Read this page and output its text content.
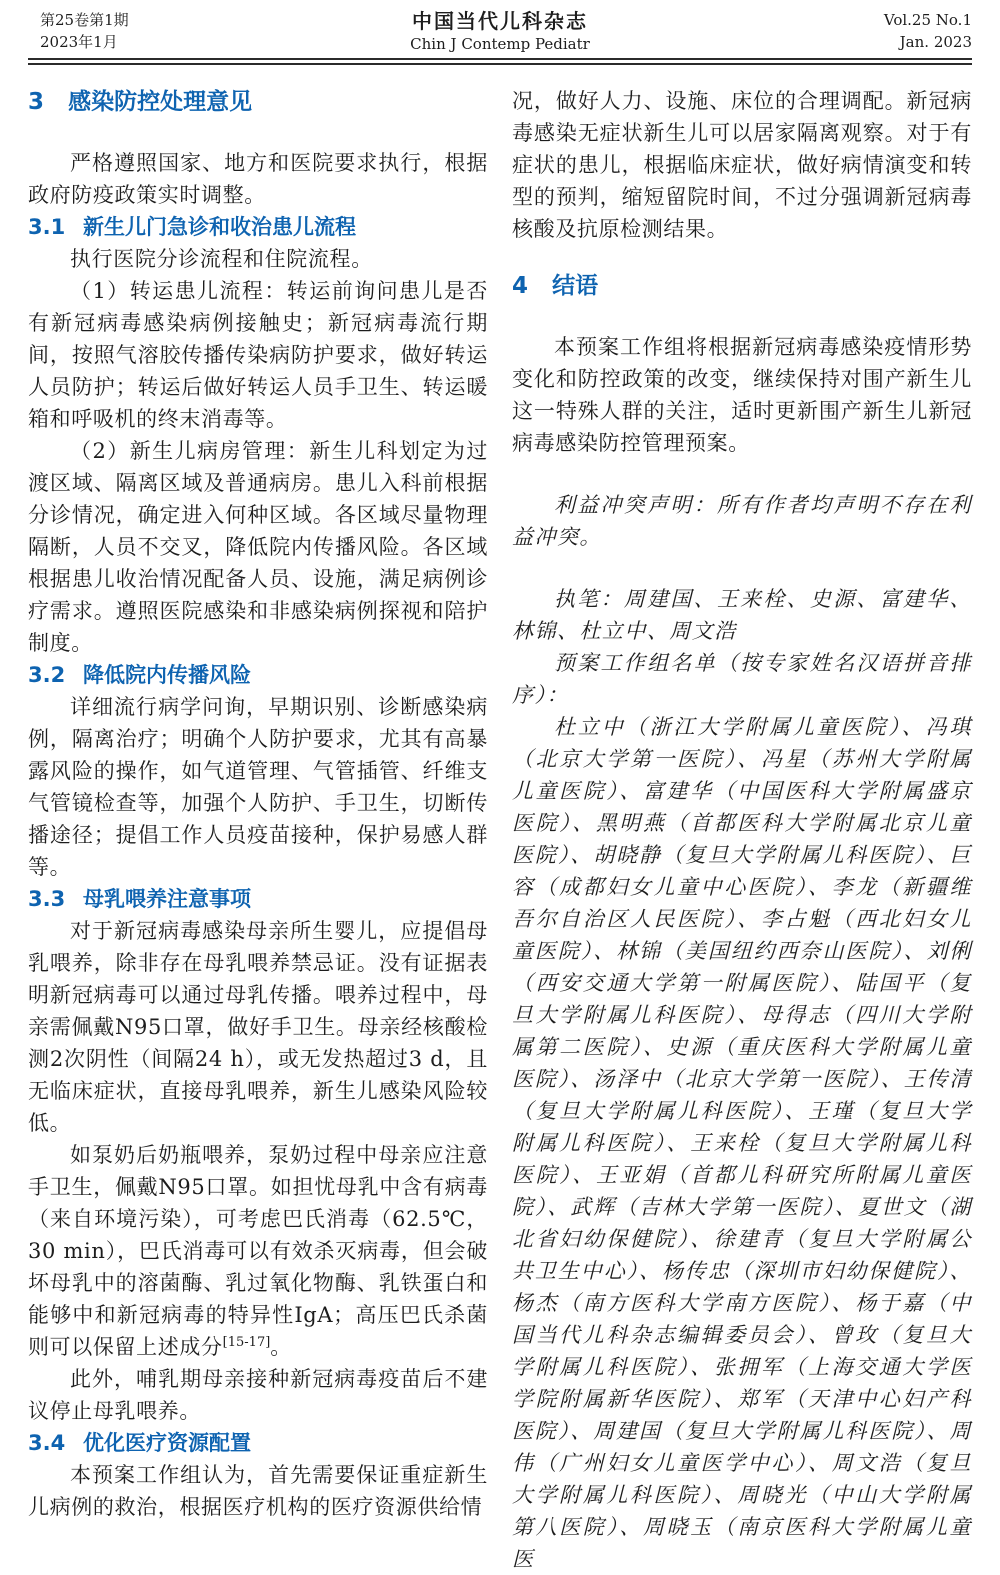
第25卷第1期
2023年1月
中国当代儿科杂志
Chin J Contemp Pediatr
Vol.25 No.1
Jan. 2023
3 感染防控处理意见

严格遵照国家、地方和医院要求执行，根据政府防疫政策实时调整。

3.1 新生儿门急诊和收治患儿流程

执行医院分诊流程和住院流程。

（1）转运患儿流程：转运前询问患儿是否有新冠病毒感染病例接触史；新冠病毒流行期间，按照气溶胶传播传染病防护要求，做好转运人员防护；转运后做好转运人员手卫生、转运暖箱和呼吸机的终末消毒等。

（2）新生儿病房管理：新生儿科划定为过渡区域、隔离区域及普通病房。患儿入科前根据分诊情况，确定进入何种区域。各区域尽量物理隔断，人员不交叉，降低院内传播风险。各区域根据患儿收治情况配备人员、设施，满足病例诊疗需求。遵照医院感染和非感染病例探视和陪护制度。

3.2 降低院内传播风险

详细流行病学问询，早期识别、诊断感染病例，隔离治疗；明确个人防护要求，尤其有高暴露风险的操作，如气道管理、气管插管、纤维支气管镜检查等，加强个人防护、手卫生，切断传播途径；提倡工作人员疫苗接种，保护易感人群等。

3.3 母乳喂养注意事项

对于新冠病毒感染母亲所生婴儿，应提倡母乳喂养，除非存在母乳喂养禁忌证。没有证据表明新冠病毒可以通过母乳传播。喂养过程中，母亲需佩戴N95口罩，做好手卫生。母亲经核酸检测2次阴性（间隔24 h），或无发热超过3 d，且无临床症状，直接母乳喂养，新生儿感染风险较低。

如泵奶后奶瓶喂养，泵奶过程中母亲应注意手卫生，佩戴N95口罩。如担忧母乳中含有病毒（来自环境污染），可考虑巴氏消毒（62.5℃，30 min），巴氏消毒可以有效杀灭病毒，但会破坏母乳中的溶菌酶、乳过氧化物酶、乳铁蛋白和能够中和新冠病毒的特异性IgA；高压巴氏杀菌则可以保留上述成分[15-17]。

此外，哺乳期母亲接种新冠病毒疫苗后不建议停止母乳喂养。

3.4 优化医疗资源配置

本预案工作组认为，首先需要保证重症新生儿病例的救治，根据医疗机构的医疗资源供给情

况，做好人力、设施、床位的合理调配。新冠病毒感染无症状新生儿可以居家隔离观察。对于有症状的患儿，根据临床症状，做好病情演变和转型的预判，缩短留院时间，不过分强调新冠病毒核酸及抗原检测结果。

4 结语

本预案工作组将根据新冠病毒感染疫情形势变化和防控政策的改变，继续保持对围产新生儿这一特殊人群的关注，适时更新围产新生儿新冠病毒感染防控管理预案。

利益冲突声明：所有作者均声明不存在利益冲突。

执笔：周建国、王来栓、史源、富建华、林锦、杜立中、周文浩

预案工作组名单（按专家姓名汉语拼音排序）：

杜立中（浙江大学附属儿童医院）、冯琪（北京大学第一医院）、冯星（苏州大学附属儿童医院）、富建华（中国医科大学附属盛京医院）、黑明燕（首都医科大学附属北京儿童医院）、胡晓静（复旦大学附属儿科医院）、巨容（成都妇女儿童中心医院）、李龙（新疆维吾尔自治区人民医院）、李占魁（西北妇女儿童医院）、林锦（美国纽约西奈山医院）、刘俐（西安交通大学第一附属医院）、陆国平（复旦大学附属儿科医院）、母得志（四川大学附属第二医院）、史源（重庆医科大学附属儿童医院）、汤泽中（北京大学第一医院）、王传清（复旦大学附属儿科医院）、王瑾（复旦大学附属儿科医院）、王来栓（复旦大学附属儿科医院）、王亚娟（首都儿科研究所附属儿童医院）、武辉（吉林大学第一医院）、夏世文（湖北省妇幼保健院）、徐建青（复旦大学附属公共卫生中心）、杨传忠（深圳市妇幼保健院）、杨杰（南方医科大学南方医院）、杨于嘉（中国当代儿科杂志编辑委员会）、曾玫（复旦大学附属儿科医院）、张拥军（上海交通大学医学院附属新华医院）、郑军（天津中心妇产科医院）、周建国（复旦大学附属儿科医院）、周伟（广州妇女儿童医学中心）、周文浩（复旦大学附属儿科医院）、周晓光（中山大学附属第八医院）、周晓玉（南京医科大学附属儿童医
